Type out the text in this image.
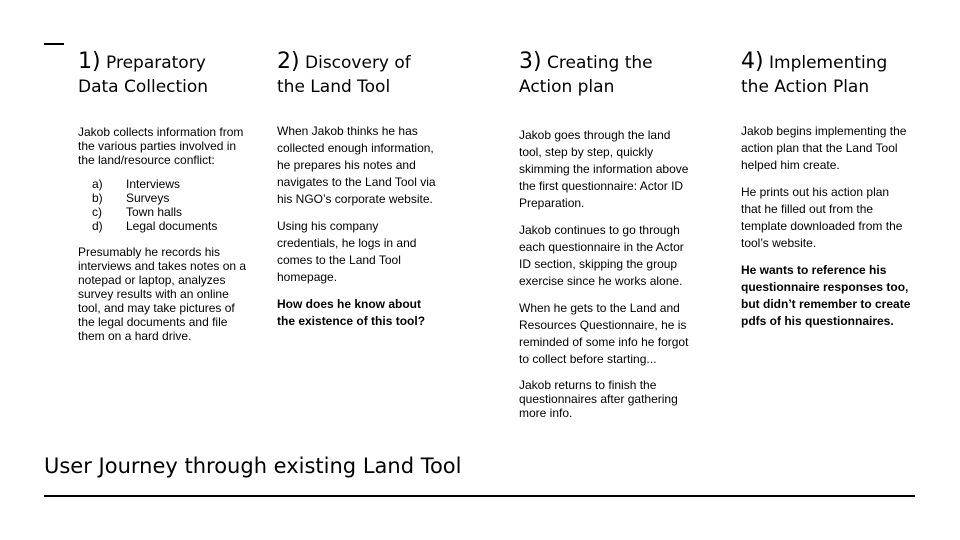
1) Preparatory Data Collection

Jakob collects information from the various parties involved in the land/resource conflict:

a)	Interviews
b)	Surveys
c)	Town halls
d)	Legal documents

Presumably he records his interviews and takes notes on a notepad or laptop, analyzes survey results with an online tool, and may take pictures of the legal documents and file them on a hard drive.

2) Discovery of the Land Tool

When Jakob thinks he has collected enough information, he prepares his notes and navigates to the Land Tool via his NGO’s corporate website.

Using his company credentials, he logs in and comes to the Land Tool homepage.

How does he know about the existence of this tool?

3) Creating the Action plan

Jakob goes through the land tool, step by step, quickly skimming the information above the first questionnaire: Actor ID Preparation.

Jakob continues to go through each questionnaire in the Actor ID section, skipping the group exercise since he works alone.

When he gets to the Land and Resources Questionnaire, he is reminded of some info he forgot to collect before starting...

Jakob returns to finish the questionnaires after gathering more info.

4) Implementing the Action Plan

Jakob begins implementing the action plan that the Land Tool helped him create.

He prints out his action plan that he filled out from the template downloaded from the tool’s website.

He wants to reference his questionnaire responses too, but didn’t remember to create pdfs of his questionnaires.

User Journey through existing Land Tool
